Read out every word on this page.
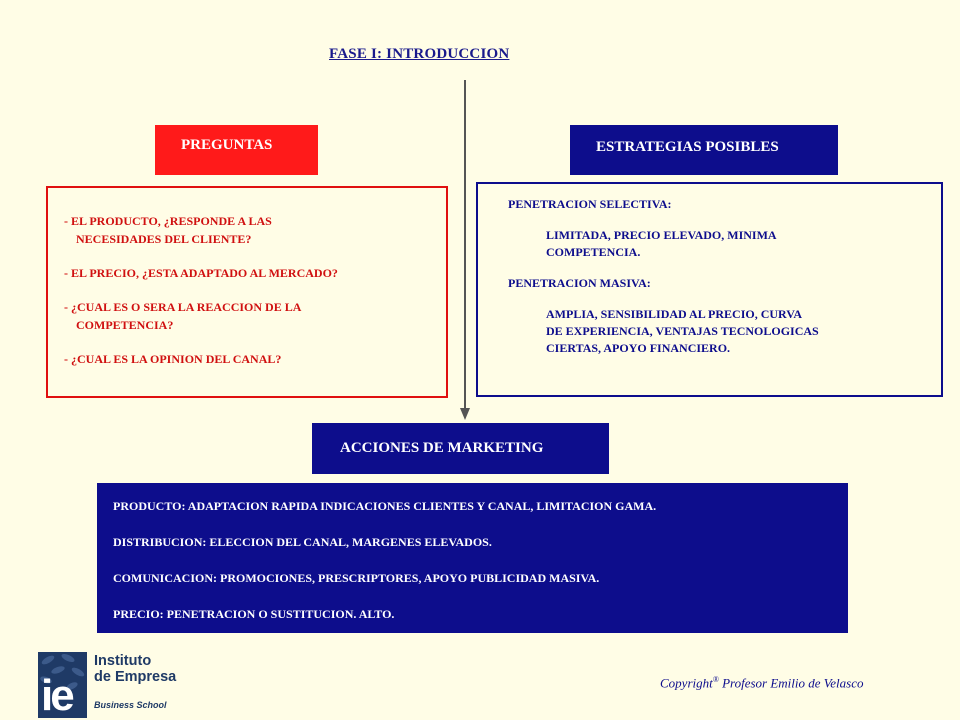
FASE I: INTRODUCCION
PREGUNTAS	ESTRATEGIAS POSIBLES

- EL PRODUCTO, ¿RESPONDE A LAS
NECESIDADES DEL CLIENTE?

- EL PRECIO, ¿ESTA ADAPTADO AL MERCADO?

- ¿CUAL ES O SERA LA REACCION DE LA
COMPETENCIA?

- ¿CUAL ES LA OPINION DEL CANAL?

PENETRACION SELECTIVA:
LIMITADA, PRECIO ELEVADO, MINIMA
COMPETENCIA.
PENETRACION MASIVA:
AMPLIA, SENSIBILIDAD AL PRECIO, CURVA
DE EXPERIENCIA, VENTAJAS TECNOLOGICAS
CIERTAS, APOYO FINANCIERO.
ACCIONES DE MARKETING

PRODUCTO: ADAPTACION RAPIDA INDICACIONES CLIENTES Y CANAL, LIMITACION GAMA.

DISTRIBUCION: ELECCION DEL CANAL, MARGENES ELEVADOS.

COMUNICACION: PROMOCIONES, PRESCRIPTORES, APOYO PUBLICIDAD MASIVA.

PRECIO: PENETRACION O SUSTITUCION. ALTO.

ie
Instituto
de Empresa
Business School
Copyright® Profesor Emilio de Velasco
